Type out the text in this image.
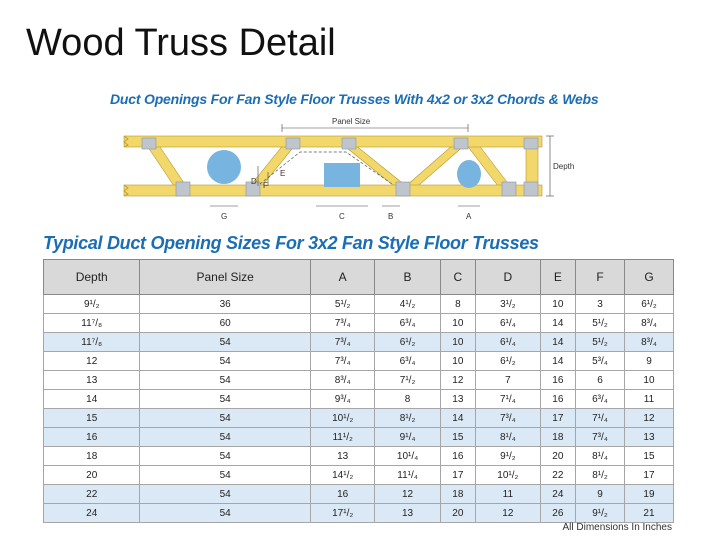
Wood Truss Detail
Duct Openings For Fan Style Floor Trusses With 4x2 or 3x2 Chords & Webs
Panel Size
Depth
D F
E
G	C	B	A
Typical Duct Opening Sizes For 3x2 Fan Style Floor Trusses
Depth	Panel Size	A	B	C	D	E	F	G
9¹/₂	36	5¹/₂	4¹/₂	8	3¹/₂	10	3	6¹/₂
11⁷/₈	60	7³/₄	6³/₄	10	6¹/₄	14	5¹/₂	8³/₄
11⁷/₈	54	7³/₄	6¹/₂	10	6¹/₄	14	5¹/₂	8³/₄
12	54	7³/₄	6³/₄	10	6¹/₂	14	5³/₄	9
13	54	8³/₄	7¹/₂	12	7	16	6	10
14	54	9³/₄	8	13	7¹/₄	16	6³/₄	11
15	54	10¹/₂	8¹/₂	14	7³/₄	17	7¹/₄	12
16	54	11¹/₂	9¹/₄	15	8¹/₄	18	7³/₄	13
18	54	13	10¹/₄	16	9¹/₂	20	8¹/₄	15
20	54	14¹/₂	11¹/₄	17	10¹/₂	22	8¹/₂	17
22	54	16	12	18	11	24	9	19
24	54	17¹/₂	13	20	12	26	9¹/₂	21
All Dimensions In Inches
